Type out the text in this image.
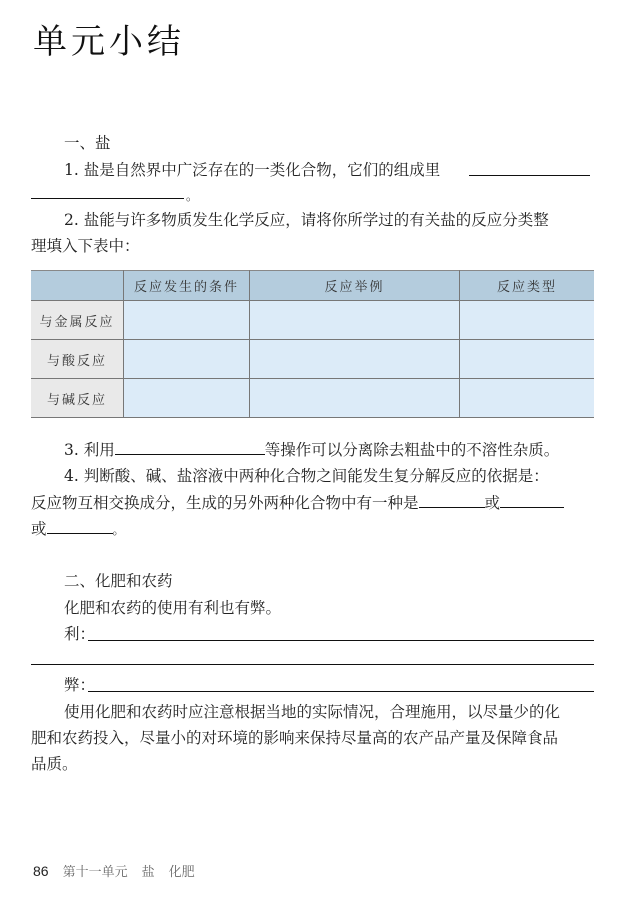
单元小结
一、盐
1. 盐是自然界中广泛存在的一类化合物，它们的组成里
。
2. 盐能与许多物质发生化学反应，请将你所学过的有关盐的反应分类整
理填入下表中：
	反应发生的条件	反应举例	反应类型
与金属反应			
与酸反应			
与碱反应			
3. 利用	等操作可以分离除去粗盐中的不溶性杂质。
4. 判断酸、碱、盐溶液中两种化合物之间能发生复分解反应的依据是：
反应物互相交换成分，生成的另外两种化合物中有一种是	或
或	。
二、化肥和农药
化肥和农药的使用有利也有弊。
利：
弊：
使用化肥和农药时应注意根据当地的实际情况，合理施用，以尽量少的化
肥和农药投入，尽量小的对环境的影响来保持尽量高的农产品产量及保障食品
品质。
86 第十一单元 盐 化肥
